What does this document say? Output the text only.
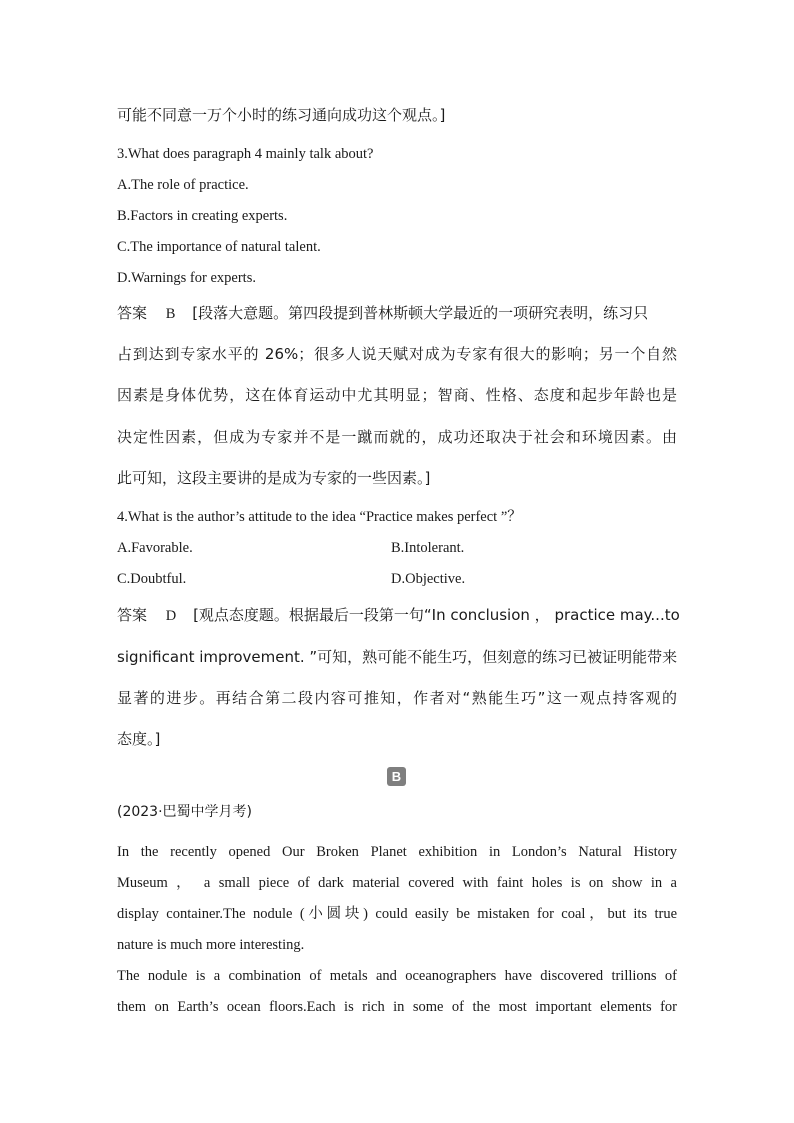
可能不同意一万个小时的练习通向成功这个观点。]
3.What does paragraph 4 mainly talk about?
A.The role of practice.
B.Factors in creating experts.
C.The importance of natural talent.
D.Warnings for experts.
答案 B [段落大意题。第四段提到普林斯顿大学最近的一项研究表明，练习只
占到达到专家水平的 26%；很多人说天赋对成为专家有很大的影响；另一个自然
因素是身体优势，这在体育运动中尤其明显；智商、性格、态度和起步年龄也是
决定性因素，但成为专家并不是一蹴而就的，成功还取决于社会和环境因素。由
此可知，这段主要讲的是成为专家的一些因素。]
4.What is the author’s attitude to the idea “Practice makes perfect ”？
A.Favorable.	B.Intolerant.
C.Doubtful.	D.Objective.
答案 D [观点态度题。根据最后一段第一句“In conclusion ， practice may...to
significant improvement. ”可知，熟可能不能生巧，但刻意的练习已被证明能带来
显著的进步。再结合第二段内容可推知，作者对“熟能生巧”这一观点持客观的
态度。]
B
(2023·巴蜀中学月考)
In the recently opened Our Broken Planet exhibition in London’s Natural History
Museum ， a small piece of dark material covered with faint holes is on show in a
display container.The nodule (小圆块) could easily be mistaken for coal，but its true
nature is much more interesting.
The nodule is a combination of metals and oceanographers have discovered trillions of
them on Earth’s ocean floors.Each is rich in some of the most important elements for
